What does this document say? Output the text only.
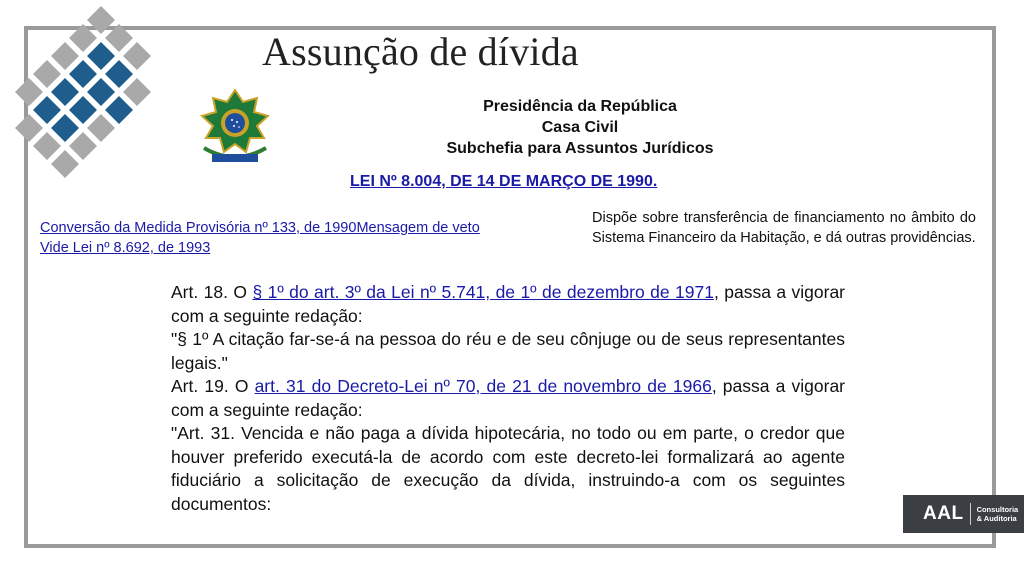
Assunção de dívida
Presidência da República
Casa Civil
Subchefia para Assuntos Jurídicos
LEI Nº 8.004, DE 14 DE MARÇO DE 1990.
Conversão da Medida Provisória nº 133, de 1990Mensagem de veto
Vide Lei nº 8.692, de 1993
Dispõe sobre transferência de financiamento no âmbito do Sistema Financeiro da Habitação, e dá outras providências.

Art. 18. O § 1º do art. 3º da Lei nº 5.741, de 1º de dezembro de 1971, passa a vigorar com a seguinte redação:

"§ 1º A citação far-se-á na pessoa do réu e de seu cônjuge ou de seus representantes legais."

Art. 19. O art. 31 do Decreto-Lei nº 70, de 21 de novembro de 1966, passa a vigorar com a seguinte redação:

"Art. 31. Vencida e não paga a dívida hipotecária, no todo ou em parte, o credor que houver preferido executá-la de acordo com este decreto-lei formalizará ao agente fiduciário a solicitação de execução da dívida, instruindo-a com os seguintes documentos:	AAL Consultoria
& Auditoria
